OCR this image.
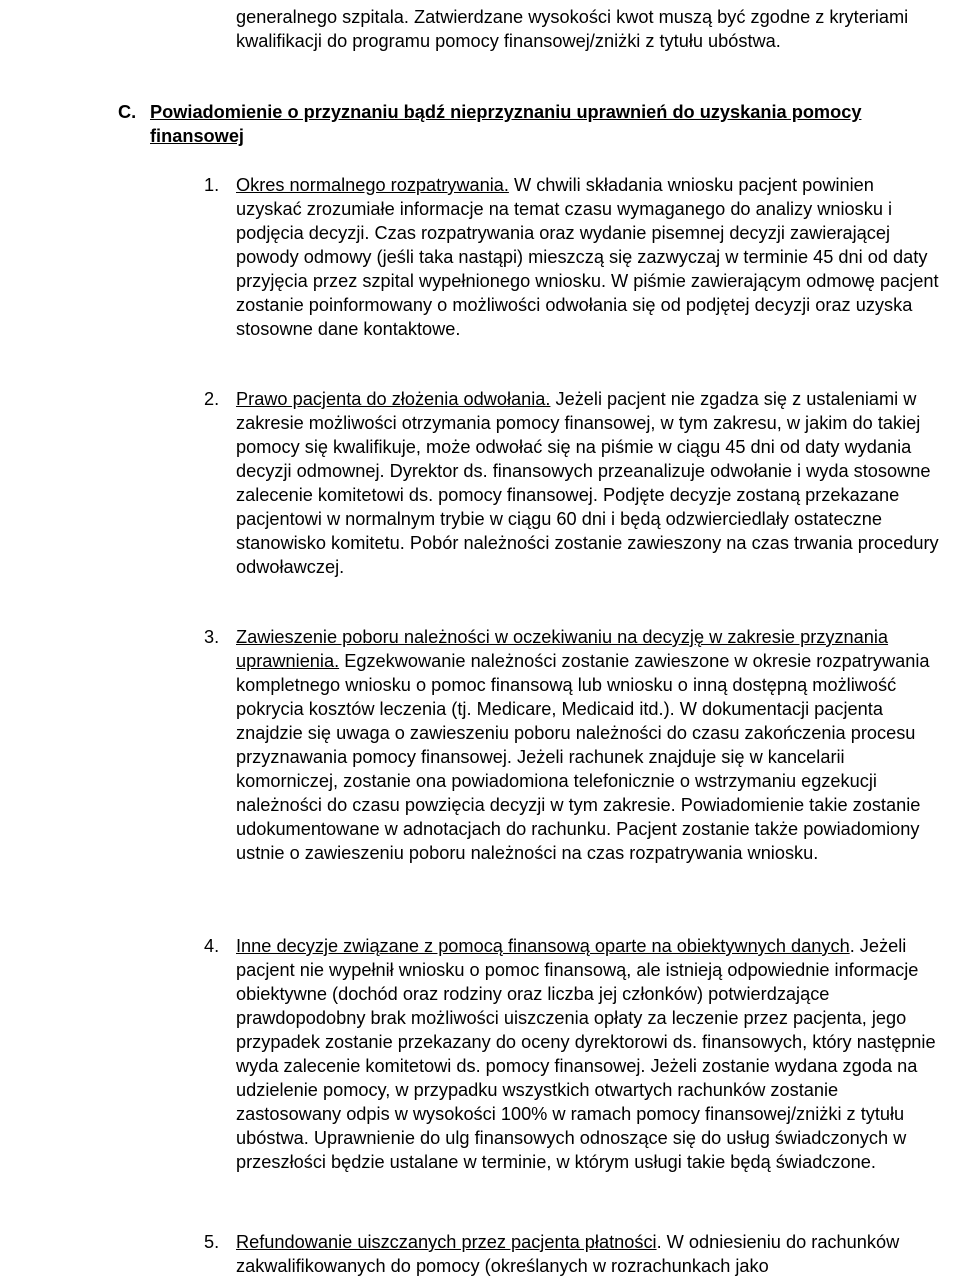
generalnego szpitala. Zatwierdzane wysokości kwot muszą być zgodne z kryteriami kwalifikacji do programu pomocy finansowej/zniżki z tytułu ubóstwa.

C. Powiadomienie o przyznaniu bądź nieprzyznaniu uprawnień do uzyskania pomocy finansowej

1. Okres normalnego rozpatrywania. W chwili składania wniosku pacjent powinien uzyskać zrozumiałe informacje na temat czasu wymaganego do analizy wniosku i podjęcia decyzji. Czas rozpatrywania oraz wydanie pisemnej decyzji zawierającej powody odmowy (jeśli taka nastąpi) mieszczą się zazwyczaj w terminie 45 dni od daty przyjęcia przez szpital wypełnionego wniosku. W piśmie zawierającym odmowę pacjent zostanie poinformowany o możliwości odwołania się od podjętej decyzji oraz uzyska stosowne dane kontaktowe.

2. Prawo pacjenta do złożenia odwołania. Jeżeli pacjent nie zgadza się z ustaleniami w zakresie możliwości otrzymania pomocy finansowej, w tym zakresu, w jakim do takiej pomocy się kwalifikuje, może odwołać się na piśmie w ciągu 45 dni od daty wydania decyzji odmownej. Dyrektor ds. finansowych przeanalizuje odwołanie i wyda stosowne zalecenie komitetowi ds. pomocy finansowej. Podjęte decyzje zostaną przekazane pacjentowi w normalnym trybie w ciągu 60 dni i będą odzwierciedlały ostateczne stanowisko komitetu. Pobór należności zostanie zawieszony na czas trwania procedury odwoławczej.

3. Zawieszenie poboru należności w oczekiwaniu na decyzję w zakresie przyznania uprawnienia. Egzekwowanie należności zostanie zawieszone w okresie rozpatrywania kompletnego wniosku o pomoc finansową lub wniosku o inną dostępną możliwość pokrycia kosztów leczenia (tj. Medicare, Medicaid itd.). W dokumentacji pacjenta znajdzie się uwaga o zawieszeniu poboru należności do czasu zakończenia procesu przyznawania pomocy finansowej. Jeżeli rachunek znajduje się w kancelarii komorniczej, zostanie ona powiadomiona telefonicznie o wstrzymaniu egzekucji należności do czasu powzięcia decyzji w tym zakresie. Powiadomienie takie zostanie udokumentowane w adnotacjach do rachunku. Pacjent zostanie także powiadomiony ustnie o zawieszeniu poboru należności na czas rozpatrywania wniosku.

4. Inne decyzje związane z pomocą finansową oparte na obiektywnych danych. Jeżeli pacjent nie wypełnił wniosku o pomoc finansową, ale istnieją odpowiednie informacje obiektywne (dochód oraz rodziny oraz liczba jej członków) potwierdzające prawdopodobny brak możliwości uiszczenia opłaty za leczenie przez pacjenta, jego przypadek zostanie przekazany do oceny dyrektorowi ds. finansowych, który następnie wyda zalecenie komitetowi ds. pomocy finansowej. Jeżeli zostanie wydana zgoda na udzielenie pomocy, w przypadku wszystkich otwartych rachunków zostanie zastosowany odpis w wysokości 100% w ramach pomocy finansowej/zniżki z tytułu ubóstwa. Uprawnienie do ulg finansowych odnoszące się do usług świadczonych w przeszłości będzie ustalane w terminie, w którym usługi takie będą świadczone.

5. Refundowanie uiszczanych przez pacjenta płatności. W odniesieniu do rachunków zakwalifikowanych do pomocy (określanych w rozrachunkach jako
